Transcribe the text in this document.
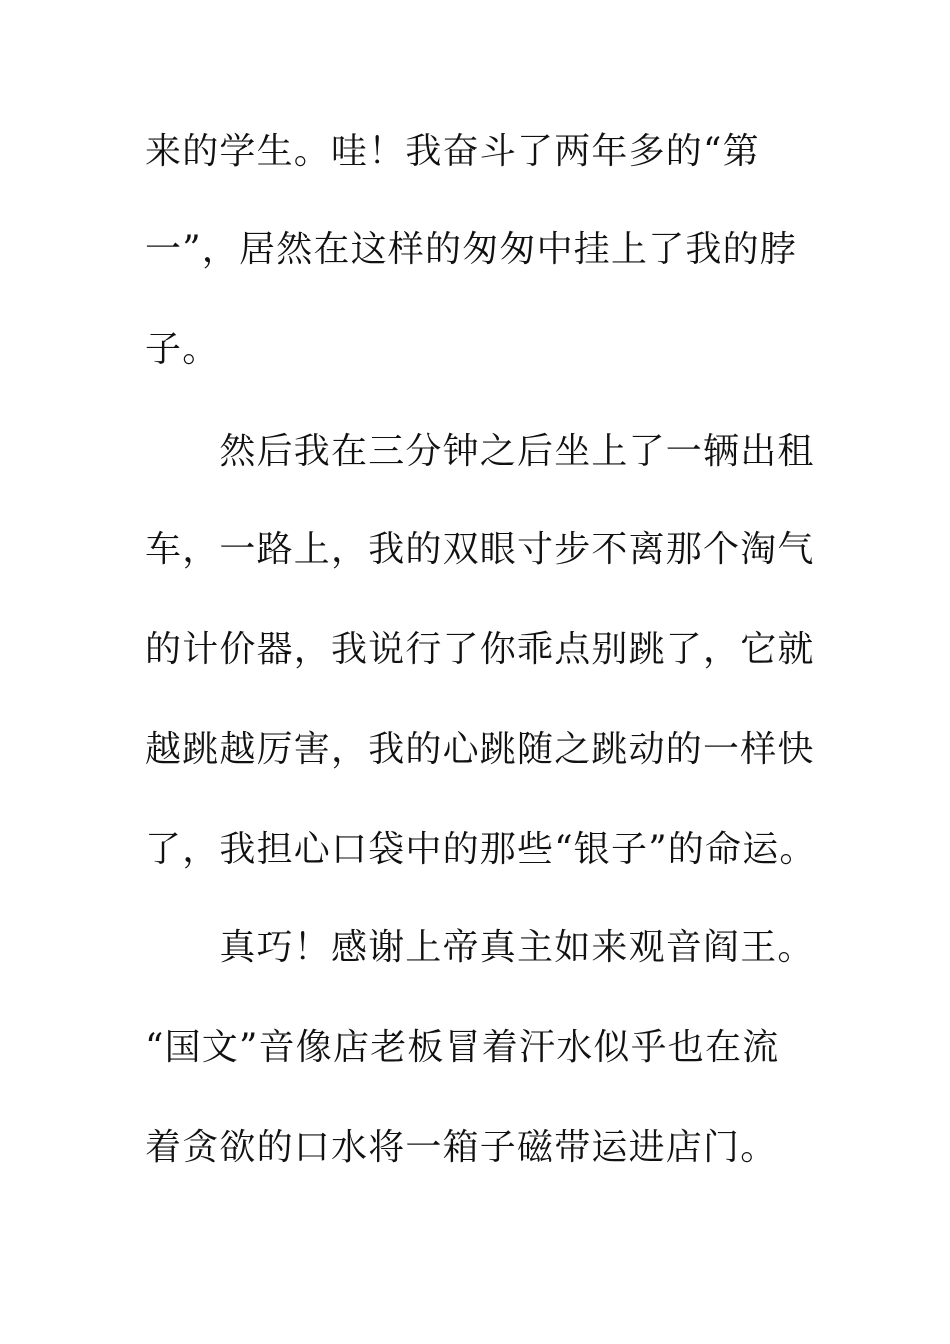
来的学生。哇！我奋斗了两年多的“第
一”，居然在这样的匆匆中挂上了我的脖
子。
　　然后我在三分钟之后坐上了一辆出租
车，一路上，我的双眼寸步不离那个淘气
的计价器，我说行了你乖点别跳了，它就
越跳越厉害，我的心跳随之跳动的一样快
了，我担心口袋中的那些“银子”的命运。
　　真巧！感谢上帝真主如来观音阎王。
“国文”音像店老板冒着汗水似乎也在流
着贪欲的口水将一箱子磁带运进店门。
